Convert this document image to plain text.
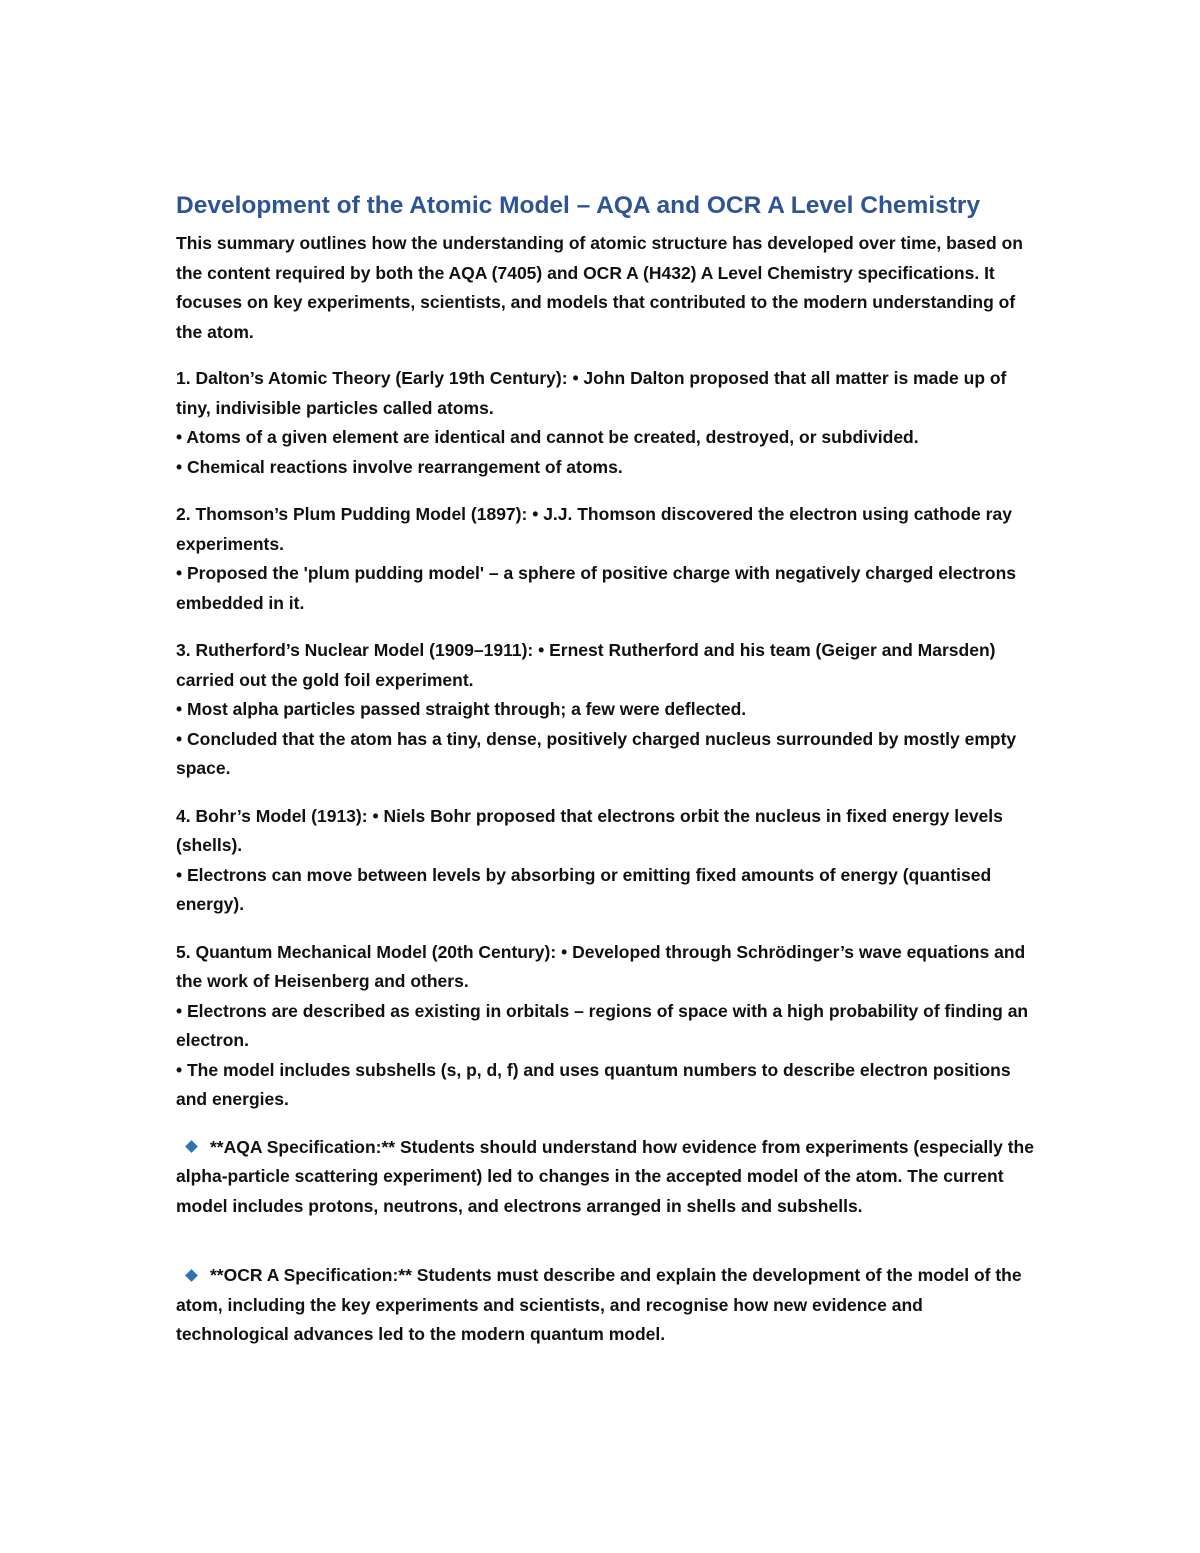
Development of the Atomic Model – AQA and OCR A Level Chemistry

This summary outlines how the understanding of atomic structure has developed over time, based on the content required by both the AQA (7405) and OCR A (H432) A Level Chemistry specifications. It focuses on key experiments, scientists, and models that contributed to the modern understanding of the atom.

1. Dalton’s Atomic Theory (Early 19th Century): • John Dalton proposed that all matter is made up of tiny, indivisible particles called atoms.
• Atoms of a given element are identical and cannot be created, destroyed, or subdivided.
• Chemical reactions involve rearrangement of atoms.

2. Thomson’s Plum Pudding Model (1897): • J.J. Thomson discovered the electron using cathode ray experiments.
• Proposed the 'plum pudding model' – a sphere of positive charge with negatively charged electrons embedded in it.

3. Rutherford’s Nuclear Model (1909–1911): • Ernest Rutherford and his team (Geiger and Marsden) carried out the gold foil experiment.
• Most alpha particles passed straight through; a few were deflected.
• Concluded that the atom has a tiny, dense, positively charged nucleus surrounded by mostly empty space.

4. Bohr’s Model (1913): • Niels Bohr proposed that electrons orbit the nucleus in fixed energy levels (shells).
• Electrons can move between levels by absorbing or emitting fixed amounts of energy (quantised energy).

5. Quantum Mechanical Model (20th Century): • Developed through Schrödinger’s wave equations and the work of Heisenberg and others.
• Electrons are described as existing in orbitals – regions of space with a high probability of finding an electron.
• The model includes subshells (s, p, d, f) and uses quantum numbers to describe electron positions and energies.

**AQA Specification:** Students should understand how evidence from experiments (especially the alpha-particle scattering experiment) led to changes in the accepted model of the atom. The current model includes protons, neutrons, and electrons arranged in shells and subshells.

**OCR A Specification:** Students must describe and explain the development of the model of the atom, including the key experiments and scientists, and recognise how new evidence and technological advances led to the modern quantum model.
